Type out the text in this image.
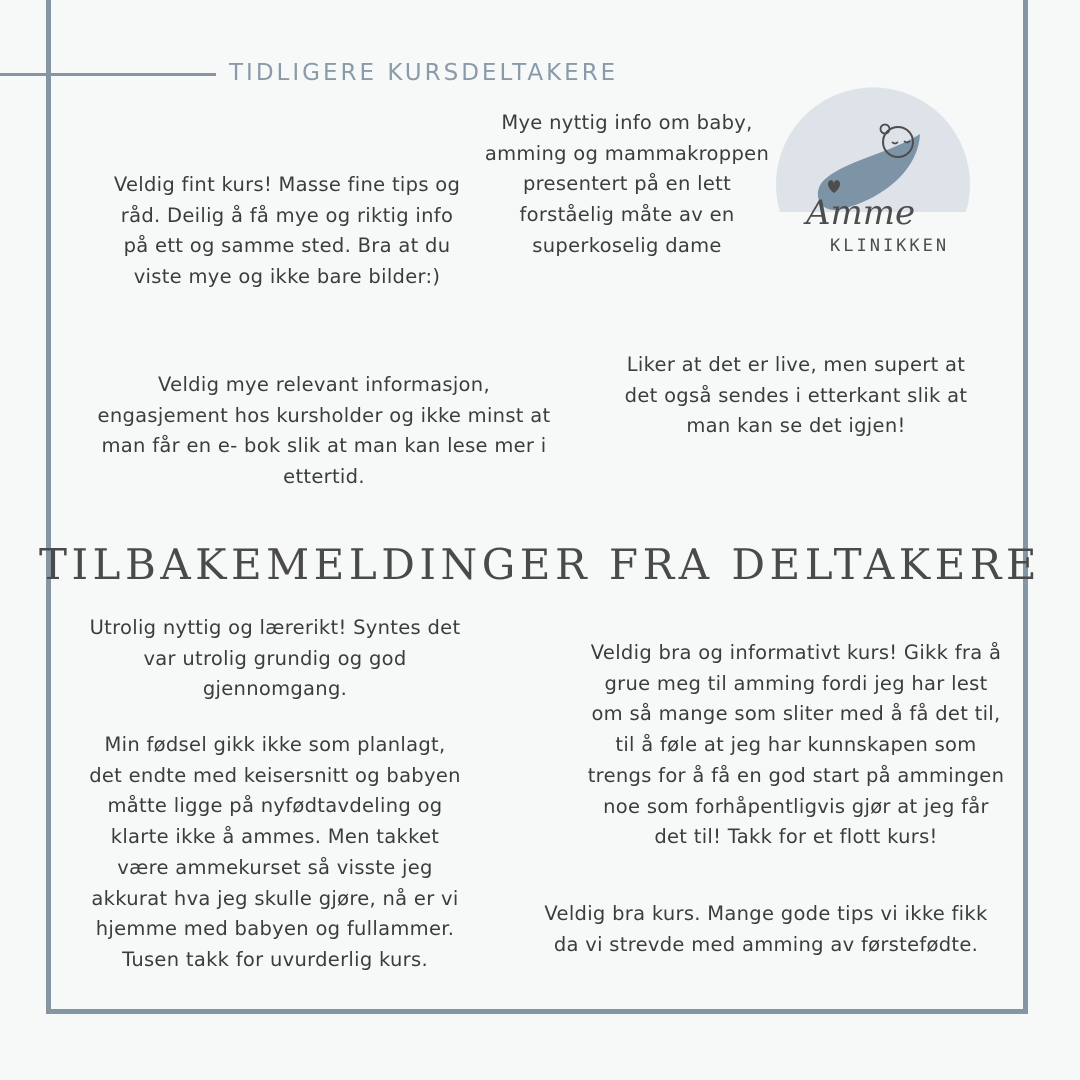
TIDLIGERE KURSDELTAKERE
Veldig fint kurs! Masse fine tips og råd. Deilig å få mye og riktig info på ett og samme sted. Bra at du viste mye og ikke bare bilder:)
Mye nyttig info om baby, amming og mammakroppen presentert på en lett forståelig måte av en superkoselig dame
Amme
KLINIKKEN
Veldig mye relevant informasjon, engasjement hos kursholder og ikke minst at man får en e- bok slik at man kan lese mer i ettertid.
Liker at det er live, men supert at det også sendes i etterkant slik at man kan se det igjen!
TILBAKEMELDINGER FRA DELTAKERE
Utrolig nyttig og lærerikt! Syntes det var utrolig grundig og god gjennomgang.
Min fødsel gikk ikke som planlagt, det endte med keisersnitt og babyen måtte ligge på nyfødtavdeling og klarte ikke å ammes. Men takket være ammekurset så visste jeg akkurat hva jeg skulle gjøre, nå er vi hjemme med babyen og fullammer. Tusen takk for uvurderlig kurs.
Veldig bra og informativt kurs! Gikk fra å grue meg til amming fordi jeg har lest om så mange som sliter med å få det til, til å føle at jeg har kunnskapen som trengs for å få en god start på ammingen noe som forhåpentligvis gjør at jeg får det til! Takk for et flott kurs!
Veldig bra kurs. Mange gode tips vi ikke fikk da vi strevde med amming av førstefødte.
